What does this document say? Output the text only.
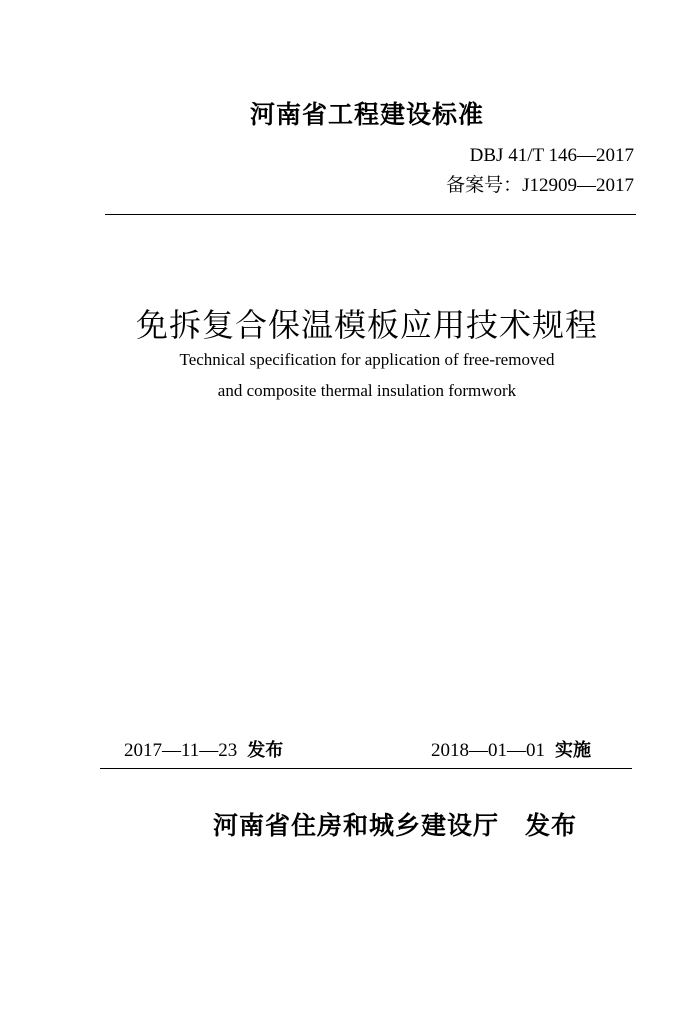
河南省工程建设标准
DBJ 41/T 146—2017
备案号：J12909—2017
免拆复合保温模板应用技术规程
Technical specification for application of free-removed
and composite thermal insulation formwork
2017—11—23 发布	2018—01—01 实施
河南省住房和城乡建设厅 发布
